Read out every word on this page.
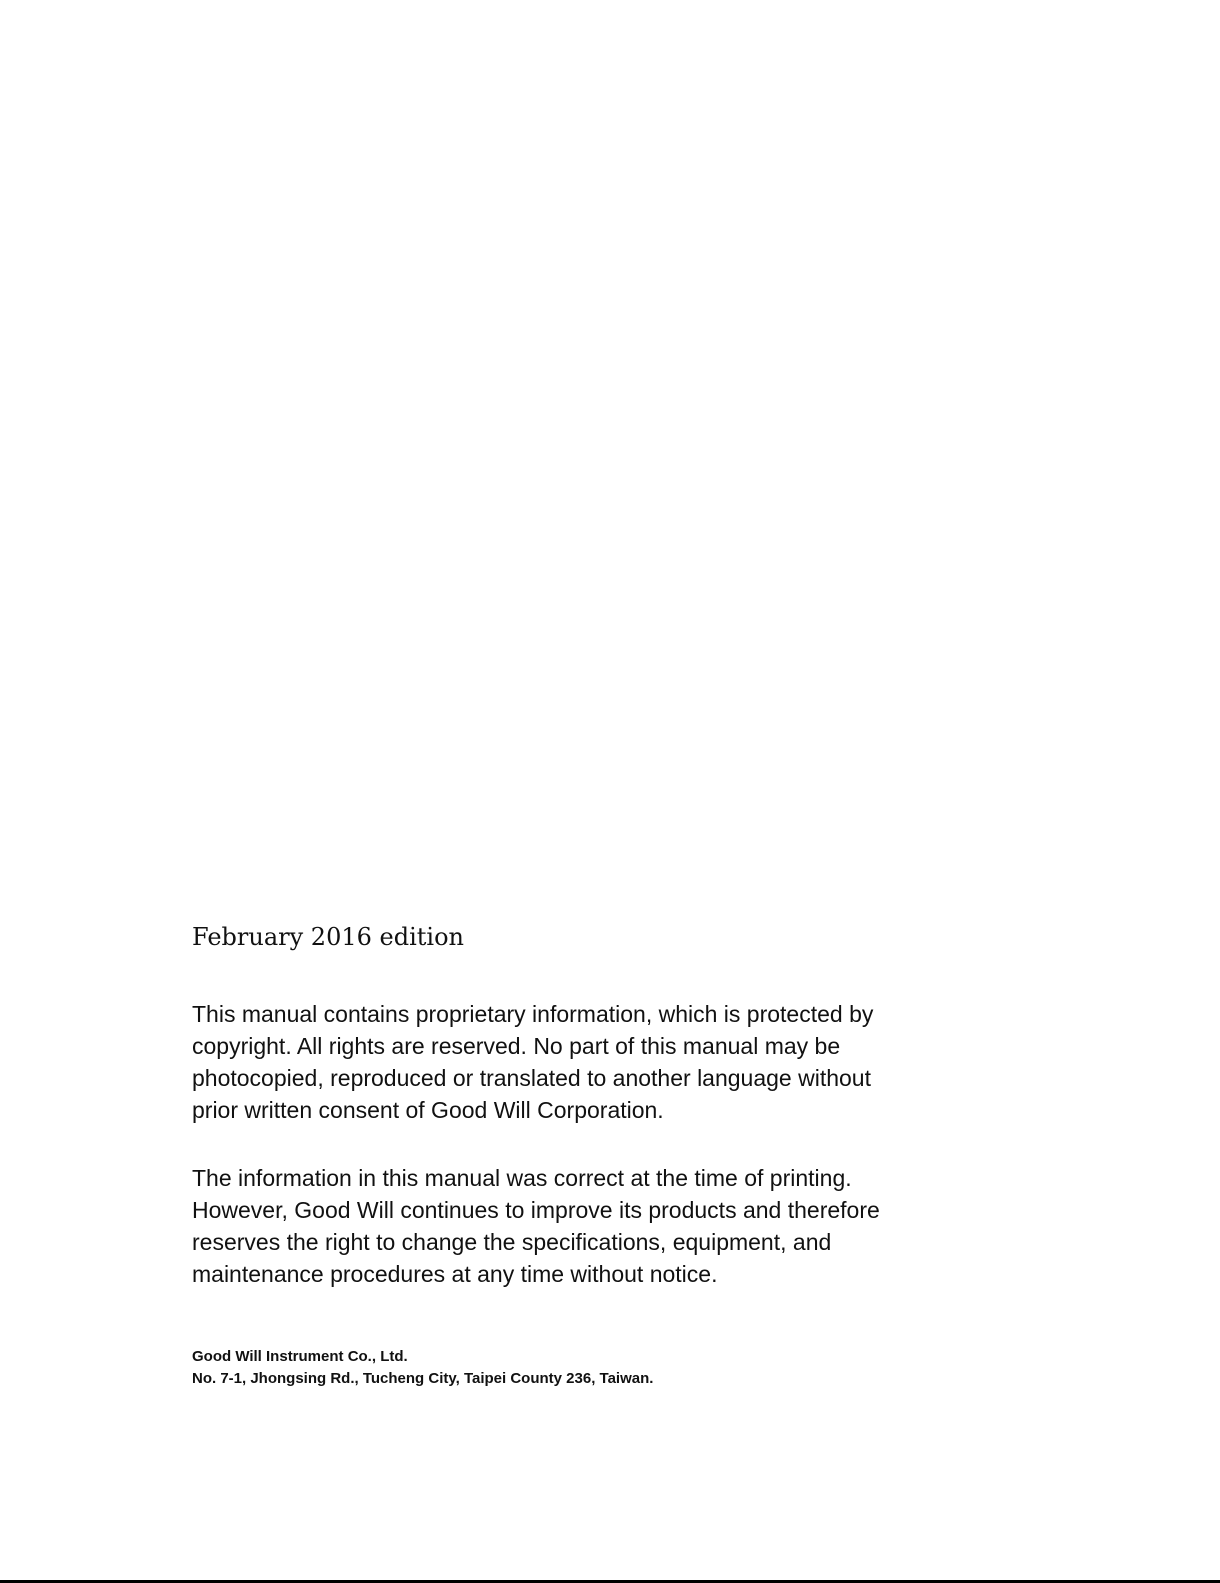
February 2016 edition

This manual contains proprietary information, which is protected by
copyright. All rights are reserved. No part of this manual may be
photocopied, reproduced or translated to another language without
prior written consent of Good Will Corporation.

The information in this manual was correct at the time of printing.
However, Good Will continues to improve its products and therefore
reserves the right to change the specifications, equipment, and
maintenance procedures at any time without notice.

Good Will Instrument Co., Ltd.
No. 7-1, Jhongsing Rd., Tucheng City, Taipei County 236, Taiwan.
